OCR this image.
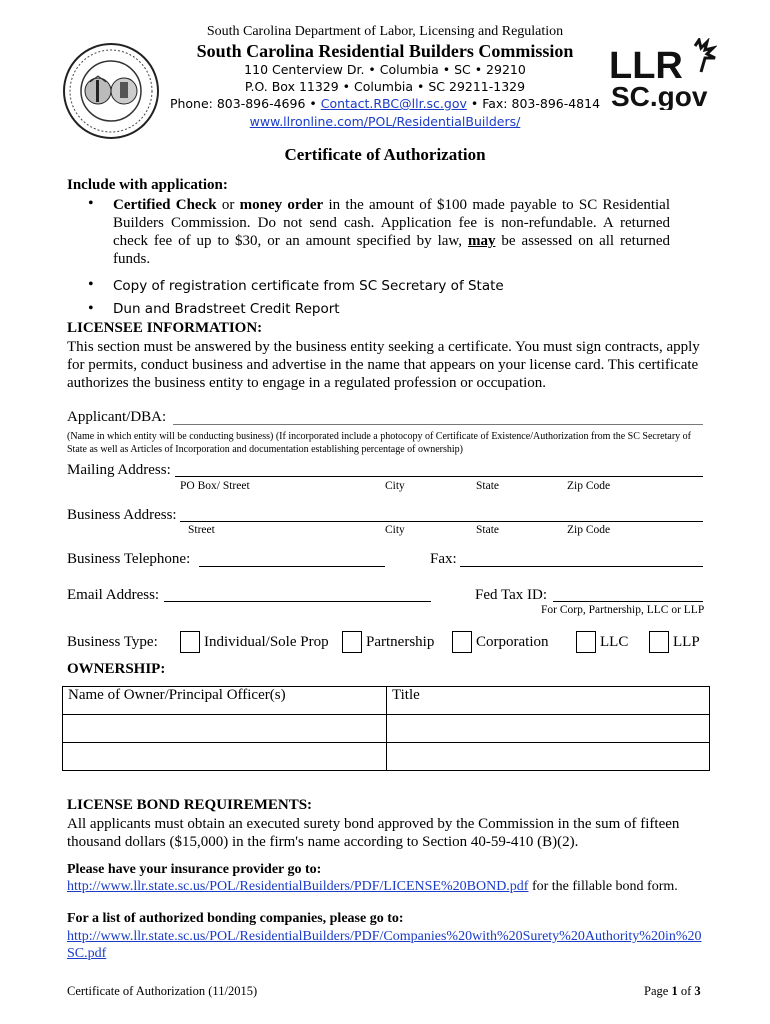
LLR
SC.gov
South Carolina Department of Labor, Licensing and Regulation
South Carolina Residential Builders Commission
110 Centerview Dr. • Columbia • SC • 29210
P.O. Box 11329 • Columbia • SC 29211-1329
Phone: 803-896-4696 • Contact.RBC@llr.sc.gov • Fax: 803-896-4814
www.llronline.com/POL/ResidentialBuilders/
Certificate of Authorization
Include with application:
• Certified Check or money order in the amount of $100 made payable to SC Residential Builders Commission. Do not send cash. Application fee is non-refundable. A returned check fee of up to $30, or an amount specified by law, may be assessed on all returned funds.
• Copy of registration certificate from SC Secretary of State
• Dun and Bradstreet Credit Report
LICENSEE INFORMATION:
This section must be answered by the business entity seeking a certificate. You must sign contracts, apply for permits, conduct business and advertise in the name that appears on your license card. This certificate authorizes the business entity to engage in a regulated profession or occupation.
Applicant/DBA:
(Name in which entity will be conducting business) (If incorporated include a photocopy of Certificate of Existence/Authorization from the SC Secretary of State as well as Articles of Incorporation and documentation establishing percentage of ownership)
Mailing Address:
PO Box/ Street	City	State	Zip Code
Business Address:
Street	City	State	Zip Code
Business Telephone:	Fax:
Email Address:	Fed Tax ID:
For Corp, Partnership, LLC or LLP
Business Type:	Individual/Sole Prop Partnership	Corporation	LLC	LLP
OWNERSHIP:
Name of Owner/Principal Officer(s)	Title

LICENSE BOND REQUIREMENTS:
All applicants must obtain an executed surety bond approved by the Commission in the sum of fifteen thousand dollars ($15,000) in the firm's name according to Section 40-59-410 (B)(2).
Please have your insurance provider go to:
http://www.llr.state.sc.us/POL/ResidentialBuilders/PDF/LICENSE%20BOND.pdf for the fillable bond form.
For a list of authorized bonding companies, please go to:
http://www.llr.state.sc.us/POL/ResidentialBuilders/PDF/Companies%20with%20Surety%20Authority%20in%20
SC.pdf
Certificate of Authorization (11/2015)	Page 1 of 3
